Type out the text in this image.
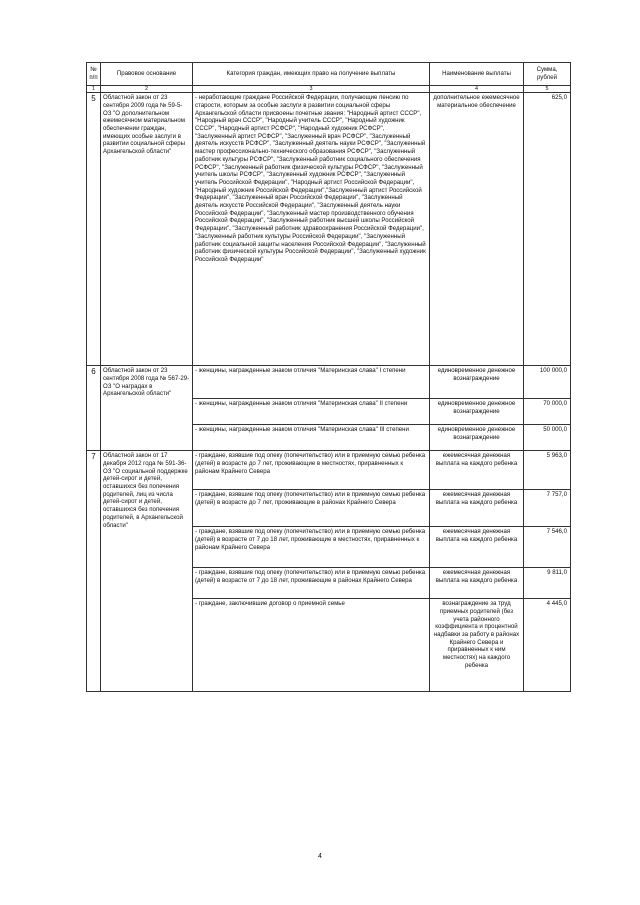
№ п/п	Правовое основание	Категория граждан, имеющих право на получение выплаты	Наименование выплаты	Сумма, рублей
1	2	3	4	5
5	Областной закон от 23 сентября 2009 года № 59-5-ОЗ "О дополнительном ежемесячном материальном обеспечении граждан, имеющих особые заслуги в развитии социальной сферы Архангельской области"	- неработающие граждане Российской Федерации, получающие пенсию по старости, которым за особые заслуги в развитии социальной сферы Архангельской области присвоены почетные звания: "Народный артист СССР", "Народный врач СССР", "Народный учитель СССР", "Народный художник СССР", "Народный артист РСФСР", "Народный художник РСФСР", "Заслуженный артист РСФСР", "Заслуженный врач РСФСР", "Заслуженный деятель искусств РСФСР", "Заслуженный деятель науки РСФСР", "Заслуженный мастер профессионально-технического образования РСФСР", "Заслуженный работник культуры РСФСР", "Заслуженный работник социального обеспечения РСФСР", "Заслуженный работник физической культуры РСФСР", "Заслуженный учитель школы РСФСР", "Заслуженный художник РСФСР", "Заслуженный учитель Российской Федерации", "Народный артист Российской Федерации", "Народный художник Российской Федерации","Заслуженный артист Российской Федерации", "Заслуженный врач Российской Федерации", "Заслуженный деятель искусств Российской Федерации", "Заслуженный деятель науки Российской Федерации", "Заслуженный мастер производственного обучения Российской Федерации", "Заслуженный работник высшей школы Российской Федерации", "Заслуженный работник здравоохранения Российской Федерации", "Заслуженный работник культуры Российской Федерации", "Заслуженный работник социальной защиты населения Российской Федерации", "Заслуженный работник физической культуры Российской Федерации", "Заслуженный художник Российской Федерации"	дополнительное ежемесячное материальное обеспечение	625,0
6	Областной закон от 23 сентября 2008 года № 567-29-ОЗ "О наградах в Архангельской области"	- женщины, награжденные знаком отличия "Материнская слава" I степени	единовременное денежное вознаграждение	100 000,0
		- женщины, награжденные знаком отличия "Материнская слава" II степени	единовременное денежное вознаграждение	70 000,0
		- женщины, награжденные знаком отличия "Материнская слава" III степени	единовременное денежное вознаграждение	50 000,0
7	Областной закон от 17 декабря 2012 года № 591-36-ОЗ "О социальной поддержке детей-сирот и детей, оставшихся без попечения родителей, лиц из числа детей-сирот и детей, оставшихся без попечения родителей, в Архангельской области"	- граждане, взявшие под опеку (попечительство) или в приемную семью ребенка (детей) в возрасте до 7 лет, проживающие в местностях, приравненных к районам Крайнего Севера	ежемесячная денежная выплата на каждого ребенка	5 963,0
		- граждане, взявшие под опеку (попечительство) или в приемную семью ребенка (детей) в возрасте до 7 лет, проживающие в районах Крайнего Севера	ежемесячная денежная выплата на каждого ребенка	7 757,0
		- граждане, взявшие под опеку (попечительство) или в приемную семью ребенка (детей) в возрасте от 7 до 18 лет, проживающие в местностях, приравненных к районам Крайнего Севера	ежемесячная денежная выплата на каждого ребенка	7 546,0
		- граждане, взявшие под опеку (попечительство) или в приемную семью ребенка (детей) в возрасте от 7 до 18 лет, проживающие в районах Крайнего Севера	ежемесячная денежная выплата на каждого ребенка	9 811,0
		- граждане, заключившие договор о приемной семье	вознаграждение за труд приемных родителей (без учета районного коэффициента и процентной надбавки за работу в районах Крайнего Севера и приравненных к ним местностях) на каждого ребенка	4 445,0
4
